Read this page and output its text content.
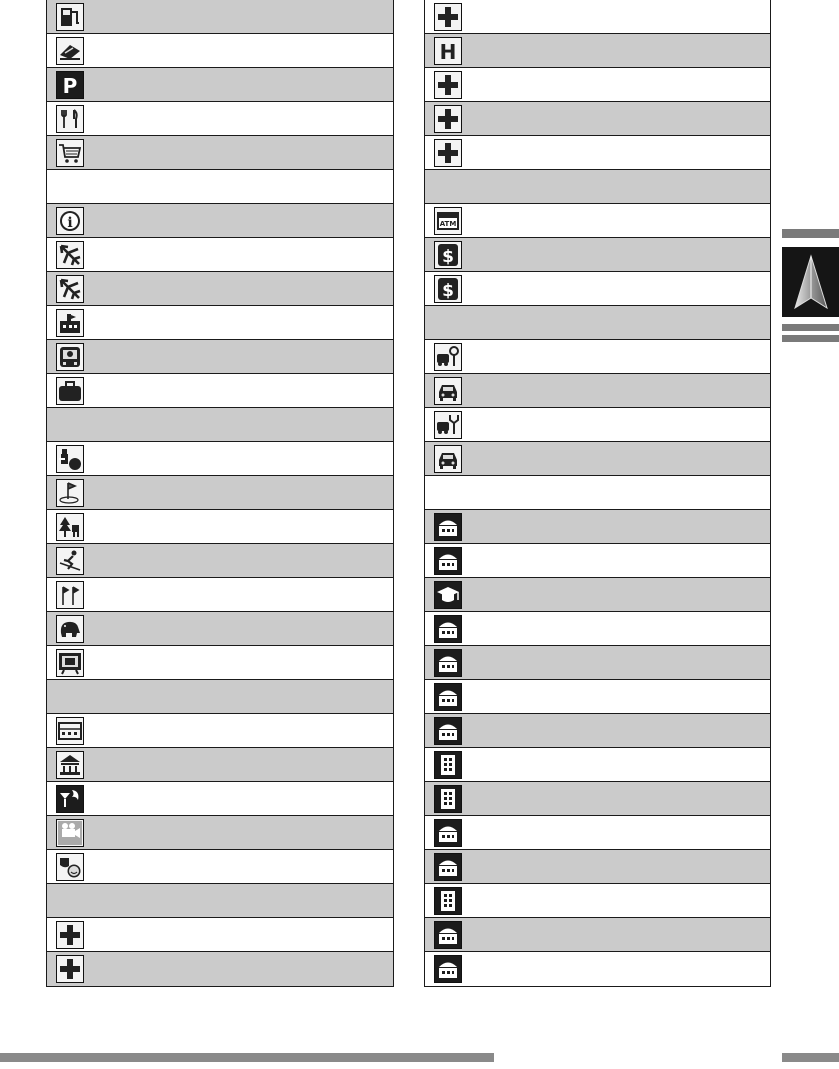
P
i
H
ATM
$
$
